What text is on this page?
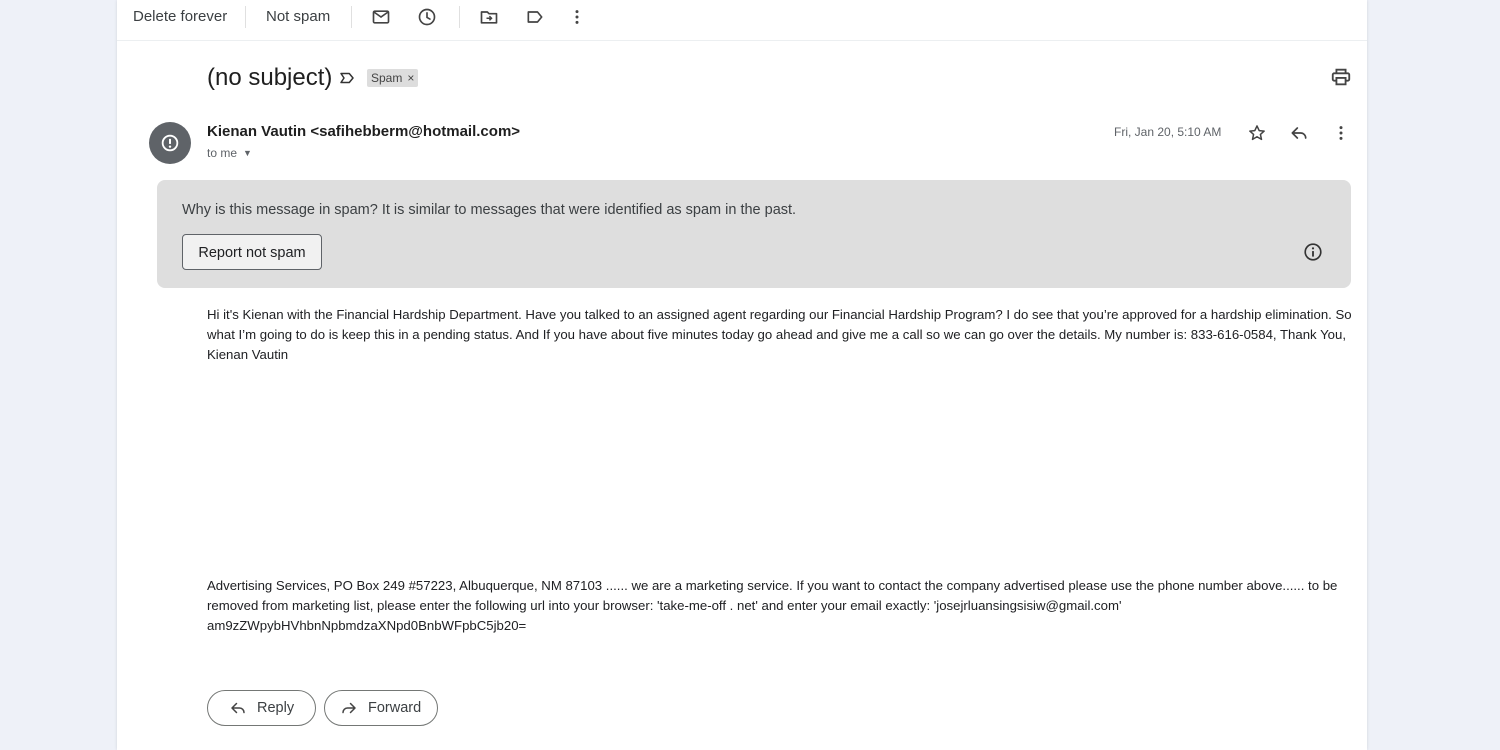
Delete forever	Not spam
(no subject)	Spam ×
Kienan Vautin <safihebberm@hotmail.com>
to me ▼
Fri, Jan 20, 5:10 AM
Why is this message in spam? It is similar to messages that were identified as spam in the past.
Report not spam

Hi it's Kienan with the Financial Hardship Department. Have you talked to an assigned agent regarding our Financial Hardship Program? I do see that you’re approved for a hardship elimination. So what I’m going to do is keep this in a pending status. And If you have about five minutes today go ahead and give me a call so we can go over the details. My number is: 833-616-0584, Thank You, Kienan Vautin

Advertising Services, PO Box 249 #57223, Albuquerque, NM 87103 ...... we are a marketing service. If you want to contact the company advertised please use the phone number above...... to be removed from marketing list, please enter the following url into your browser: 'take-me-off . net' and enter your email exactly: 'josejrluansingsisiw@gmail.com' am9zZWpybHVhbnNpbmdzaXNpd0BnbWFpbC5jb20=

Reply	Forward
